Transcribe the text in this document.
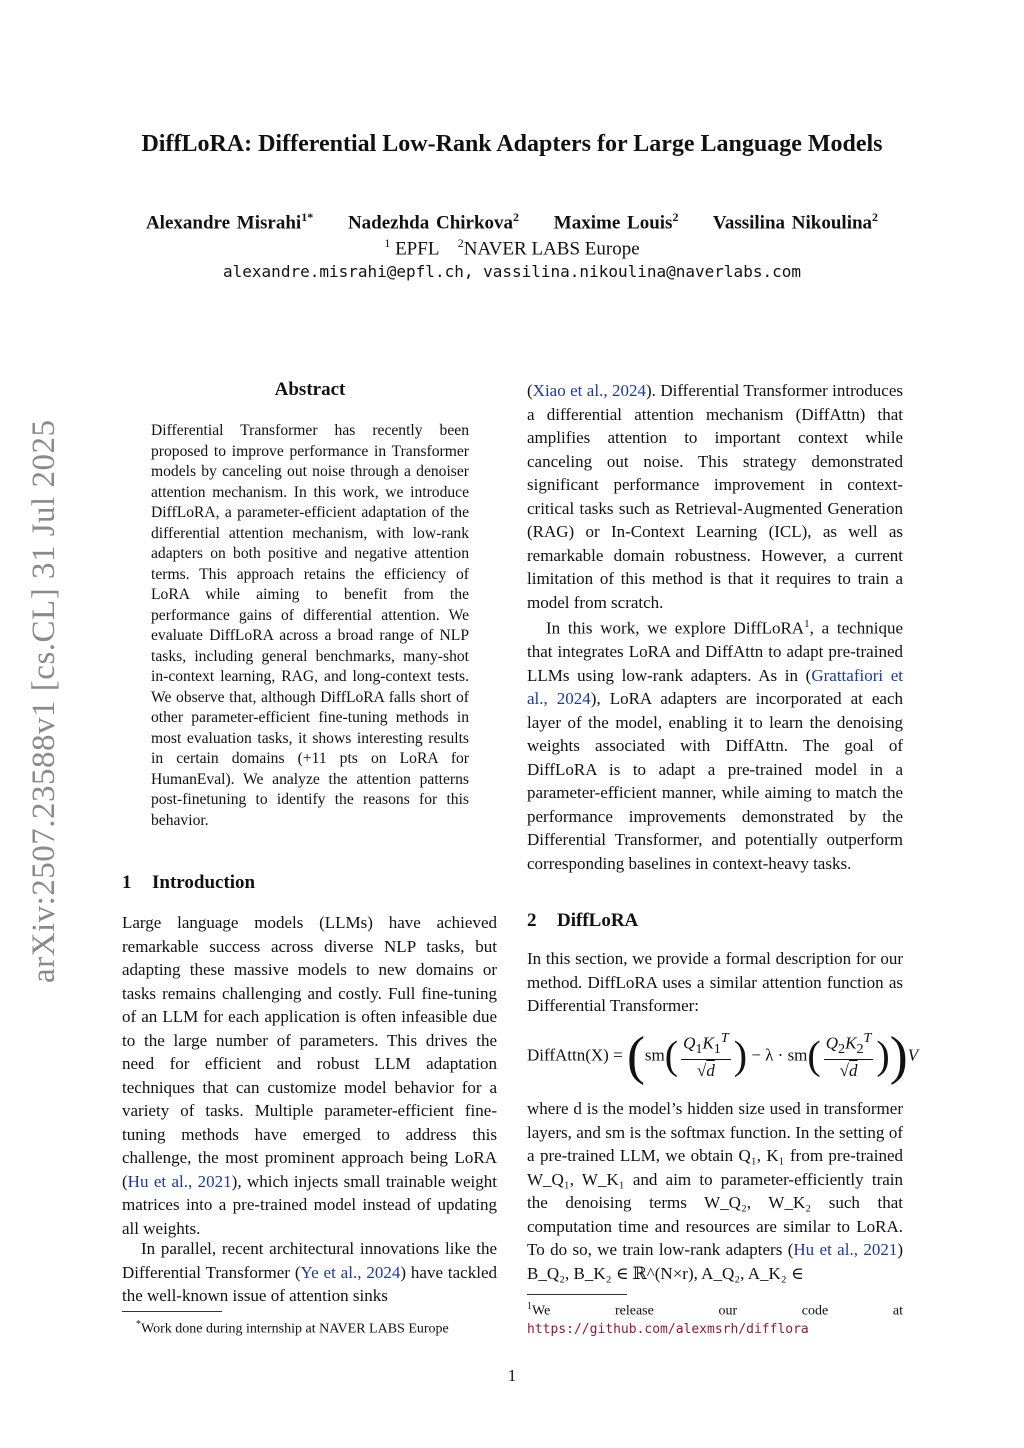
DiffLoRA: Differential Low-Rank Adapters for Large Language Models
Alexandre Misrahi$^{1*}$ Nadezhda Chirkova$^2$ Maxime Louis$^2$ Vassilina Nikoulina$^2$
$^1$ EPFL $^2$NAVER LABS Europe
alexandre.misrahi@epfl.ch, vassilina.nikoulina@naverlabs.com
arXiv:2507.23588v1 [cs.CL] 31 Jul 2025
Abstract
Differential Transformer has recently been proposed to improve performance in Transformer models by canceling out noise through a denoiser attention mechanism. In this work, we introduce DiffLoRA, a parameter-efficient adaptation of the differential attention mechanism, with low-rank adapters on both positive and negative attention terms. This approach retains the efficiency of LoRA while aiming to benefit from the performance gains of differential attention. We evaluate DiffLoRA across a broad range of NLP tasks, including general benchmarks, many-shot in-context learning, RAG, and long-context tests. We observe that, although DiffLoRA falls short of other parameter-efficient fine-tuning methods in most evaluation tasks, it shows interesting results in certain domains (+11 pts on LoRA for HumanEval). We analyze the attention patterns post-finetuning to identify the reasons for this behavior.
1 Introduction
Large language models (LLMs) have achieved remarkable success across diverse NLP tasks, but adapting these massive models to new domains or tasks remains challenging and costly. Full fine-tuning of an LLM for each application is often infeasible due to the large number of parameters. This drives the need for efficient and robust LLM adaptation techniques that can customize model behavior for a variety of tasks. Multiple parameter-efficient fine-tuning methods have emerged to address this challenge, the most prominent approach being LoRA (Hu et al., 2021), which injects small trainable weight matrices into a pre-trained model instead of updating all weights.
In parallel, recent architectural innovations like the Differential Transformer (Ye et al., 2024) have tackled the well-known issue of attention sinks
*Work done during internship at NAVER LABS Europe
(Xiao et al., 2024). Differential Transformer introduces a differential attention mechanism (DiffAttn) that amplifies attention to important context while canceling out noise. This strategy demonstrated significant performance improvement in context-critical tasks such as Retrieval-Augmented Generation (RAG) or In-Context Learning (ICL), as well as remarkable domain robustness. However, a current limitation of this method is that it requires to train a model from scratch.
In this work, we explore DiffLoRA$^1$, a technique that integrates LoRA and DiffAttn to adapt pre-trained LLMs using low-rank adapters. As in (Grattafiori et al., 2024), LoRA adapters are incorporated at each layer of the model, enabling it to learn the denoising weights associated with DiffAttn. The goal of DiffLoRA is to adapt a pre-trained model in a parameter-efficient manner, while aiming to match the performance improvements demonstrated by the Differential Transformer, and potentially outperform corresponding baselines in context-heavy tasks.
2 DiffLoRA
In this section, we provide a formal description for our method. DiffLoRA uses a similar attention function as Differential Transformer:
DiffAttn(X) = ($sm( \frac{Q_1K_1^T}{√d}$ ) − $\lambda \cdot sm( \frac{Q_2K_2^T}{√d} ))V$
where d is the model’s hidden size used in transformer layers, and sm is the softmax function. In the setting of a pre-trained LLM, we obtain Q₁, K₁ from pre-trained W_Q₁, W_K₁ and aim to parameter-efficiently train the denoising terms W_Q₂, W_K₂ such that computation time and resources are similar to LoRA. To do so, we train low-rank adapters (Hu et al., 2021) B_Q₂, B_K₂ ∈ ℝ^(N×r), A_Q₂, A_K₂ ∈
$^1$We release our code at https://github.com/alexmsrh/difflora
1
